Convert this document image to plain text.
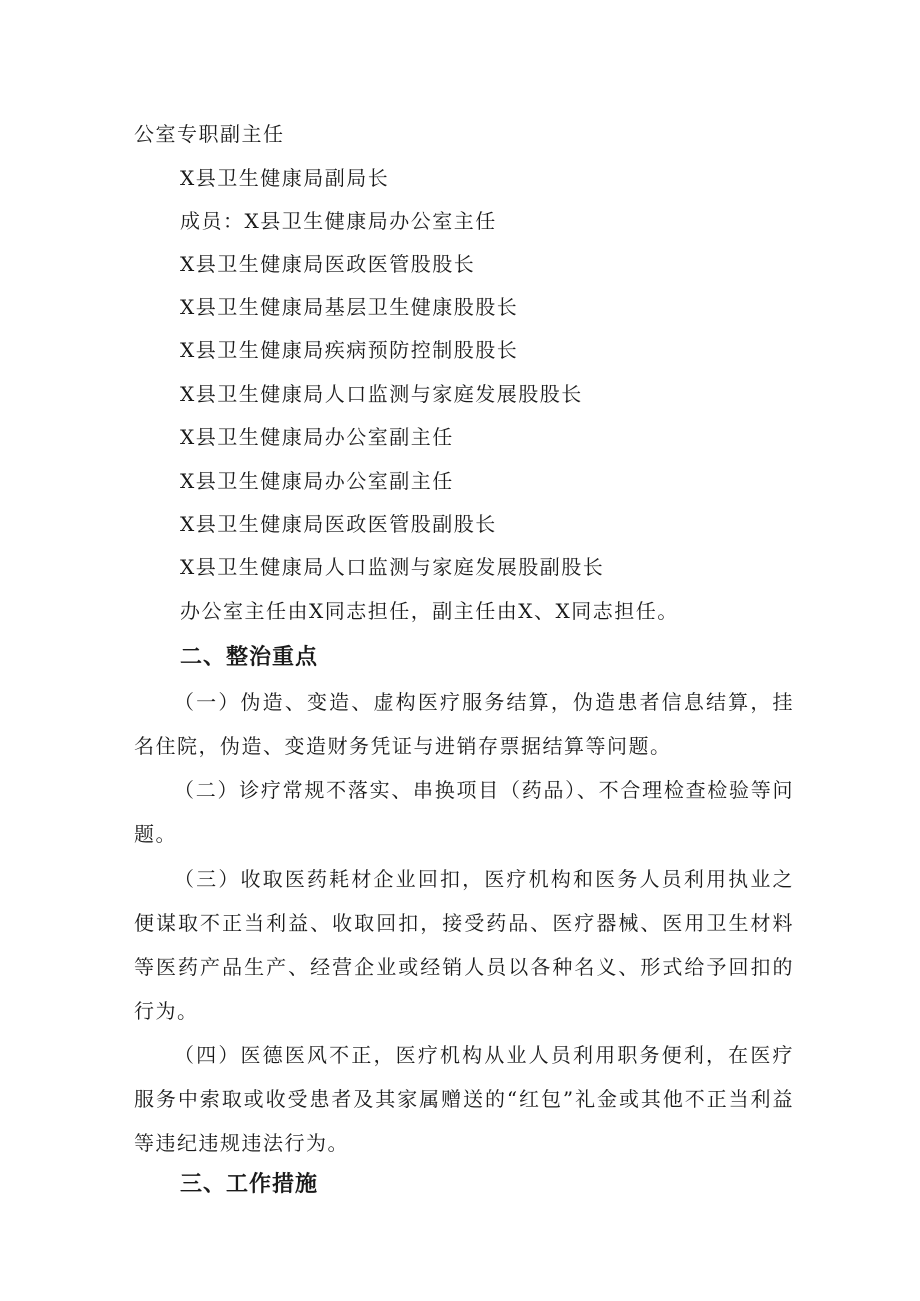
公室专职副主任
X县卫生健康局副局长
成员：X县卫生健康局办公室主任
X县卫生健康局医政医管股股长
X县卫生健康局基层卫生健康股股长
X县卫生健康局疾病预防控制股股长
X县卫生健康局人口监测与家庭发展股股长
X县卫生健康局办公室副主任
X县卫生健康局办公室副主任
X县卫生健康局医政医管股副股长
X县卫生健康局人口监测与家庭发展股副股长
办公室主任由X同志担任，副主任由X、X同志担任。
二、整治重点

（一）伪造、变造、虚构医疗服务结算，伪造患者信息结算，挂名住院，伪造、变造财务凭证与进销存票据结算等问题。

（二）诊疗常规不落实、串换项目（药品）、不合理检查检验等问题。

（三）收取医药耗材企业回扣，医疗机构和医务人员利用执业之便谋取不正当利益、收取回扣，接受药品、医疗器械、医用卫生材料等医药产品生产、经营企业或经销人员以各种名义、形式给予回扣的行为。

（四）医德医风不正，医疗机构从业人员利用职务便利，在医疗服务中索取或收受患者及其家属赠送的“红包”礼金或其他不正当利益等违纪违规违法行为。

三、工作措施
